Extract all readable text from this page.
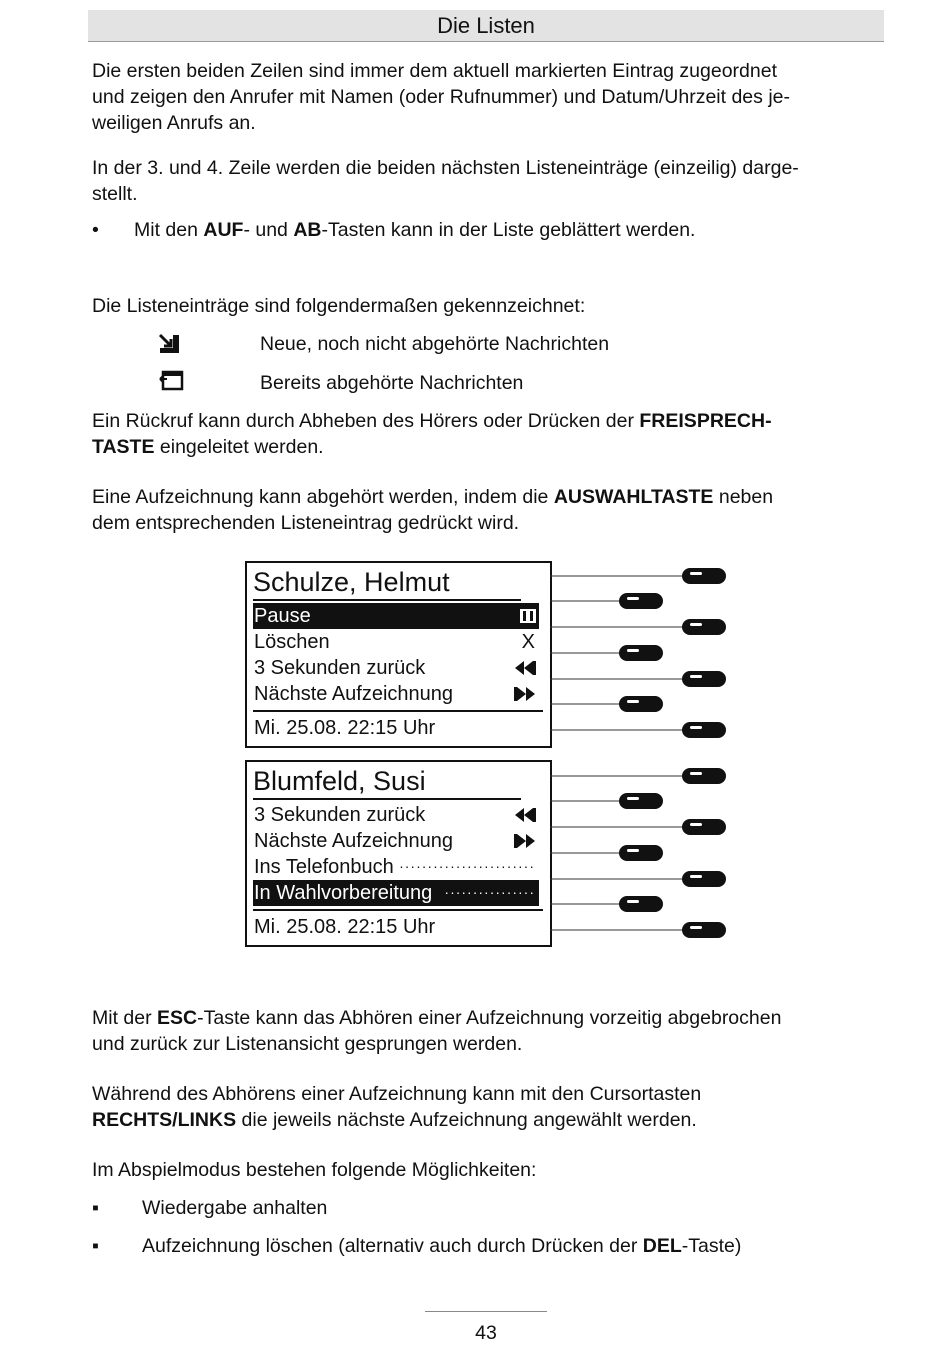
Die Listen
Die ersten beiden Zeilen sind immer dem aktuell markierten Eintrag zugeordnet
und zeigen den Anrufer mit Namen (oder Rufnummer) und Datum/Uhrzeit des je-
weiligen Anrufs an.
In der 3. und 4. Zeile werden die beiden nächsten Listeneinträge (einzeilig) darge-
stellt.
• Mit den AUF- und AB-Tasten kann in der Liste geblättert werden.
Die Listeneinträge sind folgendermaßen gekennzeichnet:
Neue, noch nicht abgehörte Nachrichten
Bereits abgehörte Nachrichten
Ein Rückruf kann durch Abheben des Hörers oder Drücken der FREISPRECH-
TASTE eingeleitet werden.
Eine Aufzeichnung kann abgehört werden, indem die AUSWAHLTASTE neben
dem entsprechenden Listeneintrag gedrückt wird.
Schulze, Helmut
Pause
Löschen	X
3 Sekunden zurück
Nächste Aufzeichnung
Mi. 25.08. 22:15 Uhr
Blumfeld, Susi
3 Sekunden zurück
Nächste Aufzeichnung
Ins Telefonbuch ························
In Wahlvorbereitung ················
Mi. 25.08. 22:15 Uhr
Mit der ESC-Taste kann das Abhören einer Aufzeichnung vorzeitig abgebrochen
und zurück zur Listenansicht gesprungen werden.
Während des Abhörens einer Aufzeichnung kann mit den Cursortasten
RECHTS/LINKS die jeweils nächste Aufzeichnung angewählt werden.
Im Abspielmodus bestehen folgende Möglichkeiten:
▪ Wiedergabe anhalten
▪ Aufzeichnung löschen (alternativ auch durch Drücken der DEL-Taste)
43
